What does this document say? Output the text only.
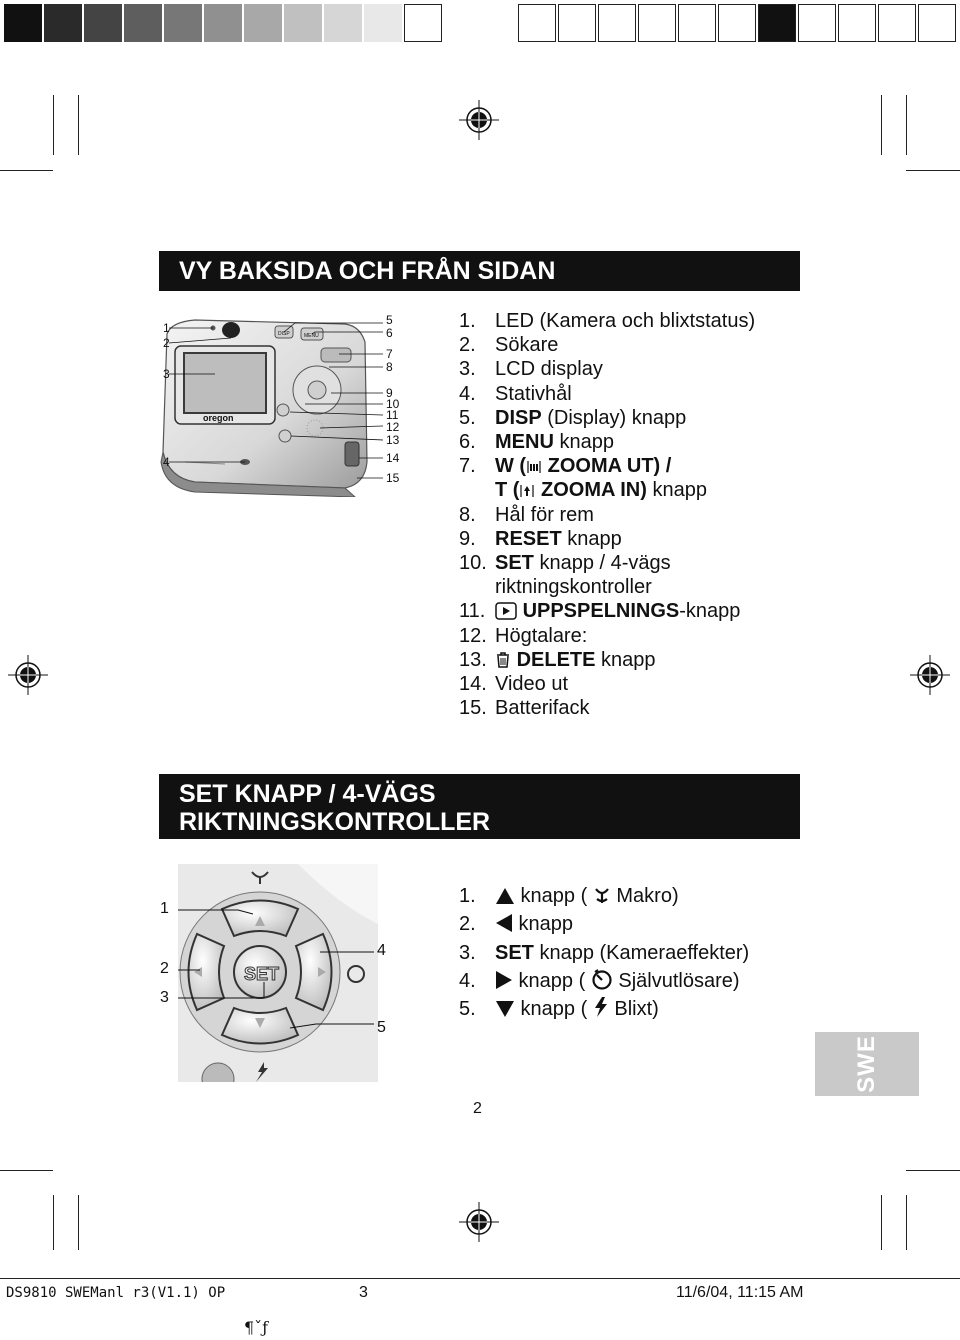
VY BAKSIDA OCH FRÅN SIDAN
oregon
DISP	MENU
1
2
3
4
5
6
7
8
9
10
11
12
13
14
15
1. LED (Kamera och blixtstatus)
2. Sökare
3. LCD display
4. Stativhål
5. DISP (Display) knapp
6. MENU knapp
7. W ( ZOOMA UT) /
T ( ZOOMA IN) knapp
8. Hål för rem
9. RESET knapp
10. SET knapp / 4-vägs
riktningskontroller
11. UPPSPELNINGS-knapp
12. Högtalare:
13. DELETE knapp
14. Video ut
15. Batterifack
SET KNAPP / 4-VÄGS
RIKTNINGSKONTROLLER
SET
1
2
3
4
5
1. knapp (  Makro)
2. knapp
3. SET knapp (Kameraeffekter)
4. knapp (  Självutlösare)
5. knapp (  Blixt)
SWE
2
DS9810 SWEManl r3(V1.1) OP	3	11/6/04, 11:15 AM
¶ˇƒ
